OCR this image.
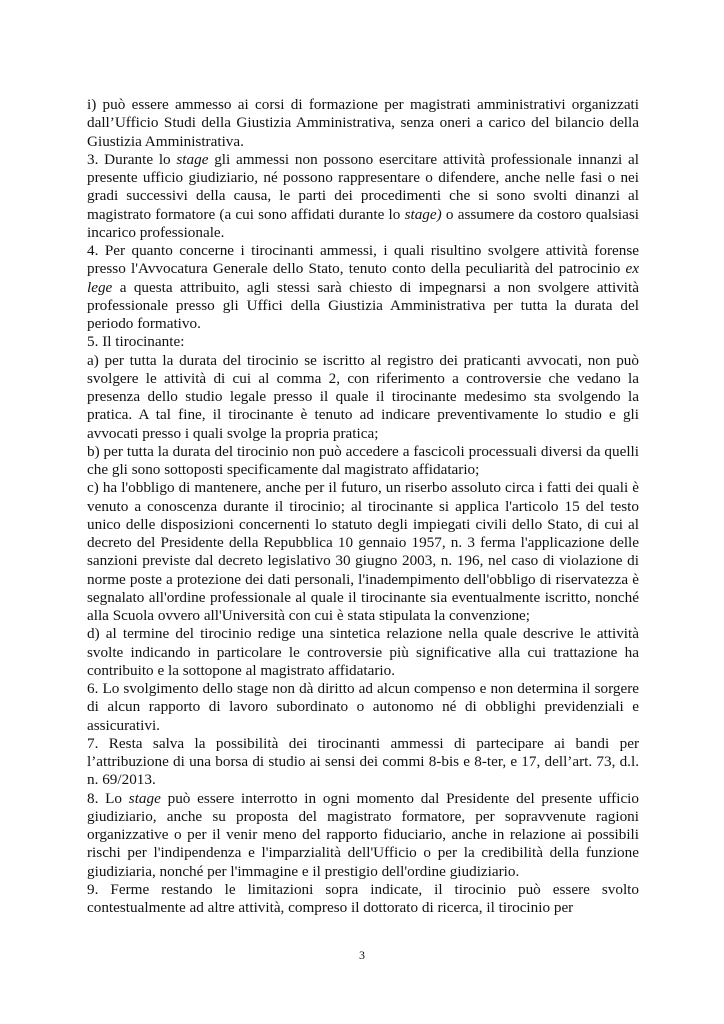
i) può essere ammesso ai corsi di formazione per magistrati amministrativi organizzati dall’Ufficio Studi della Giustizia Amministrativa, senza oneri a carico del bilancio della Giustizia Amministrativa.

3. Durante lo stage gli ammessi non possono esercitare attività professionale innanzi al presente ufficio giudiziario, né possono rappresentare o difendere, anche nelle fasi o nei gradi successivi della causa, le parti dei procedimenti che si sono svolti dinanzi al magistrato formatore (a cui sono affidati durante lo stage) o assumere da costoro qualsiasi incarico professionale.

4. Per quanto concerne i tirocinanti ammessi, i quali risultino svolgere attività forense presso l'Avvocatura Generale dello Stato, tenuto conto della peculiarità del patrocinio ex lege a questa attribuito, agli stessi sarà chiesto di impegnarsi a non svolgere attività professionale presso gli Uffici della Giustizia Amministrativa per tutta la durata del periodo formativo.

5. Il tirocinante:

a) per tutta la durata del tirocinio se iscritto al registro dei praticanti avvocati, non può svolgere le attività di cui al comma 2, con riferimento a controversie che vedano la presenza dello studio legale presso il quale il tirocinante medesimo sta svolgendo la pratica. A tal fine, il tirocinante è tenuto ad indicare preventivamente lo studio e gli avvocati presso i quali svolge la propria pratica;

b) per tutta la durata del tirocinio non può accedere a fascicoli processuali diversi da quelli che gli sono sottoposti specificamente dal magistrato affidatario;

c) ha l'obbligo di mantenere, anche per il futuro, un riserbo assoluto circa i fatti dei quali è venuto a conoscenza durante il tirocinio; al tirocinante si applica l'articolo 15 del testo unico delle disposizioni concernenti lo statuto degli impiegati civili dello Stato, di cui al decreto del Presidente della Repubblica 10 gennaio 1957, n. 3 ferma l'applicazione delle sanzioni previste dal decreto legislativo 30 giugno 2003, n. 196, nel caso di violazione di norme poste a protezione dei dati personali, l'inadempimento dell'obbligo di riservatezza è segnalato all'ordine professionale al quale il tirocinante sia eventualmente iscritto, nonché alla Scuola ovvero all'Università con cui è stata stipulata la convenzione;

d) al termine del tirocinio redige una sintetica relazione nella quale descrive le attività svolte indicando in particolare le controversie più significative alla cui trattazione ha contribuito e la sottopone al magistrato affidatario.

6. Lo svolgimento dello stage non dà diritto ad alcun compenso e non determina il sorgere di alcun rapporto di lavoro subordinato o autonomo né di obblighi previdenziali e assicurativi.

7. Resta salva la possibilità dei tirocinanti ammessi di partecipare ai bandi per l’attribuzione di una borsa di studio ai sensi dei commi 8-bis e 8-ter, e 17, dell’art. 73, d.l. n. 69/2013.

8. Lo stage può essere interrotto in ogni momento dal Presidente del presente ufficio giudiziario, anche su proposta del magistrato formatore, per sopravvenute ragioni organizzative o per il venir meno del rapporto fiduciario, anche in relazione ai possibili rischi per l'indipendenza e l'imparzialità dell'Ufficio o per la credibilità della funzione giudiziaria, nonché per l'immagine e il prestigio dell'ordine giudiziario.

9. Ferme restando le limitazioni sopra indicate, il tirocinio può essere svolto contestualmente ad altre attività, compreso il dottorato di ricerca, il tirocinio per

3
